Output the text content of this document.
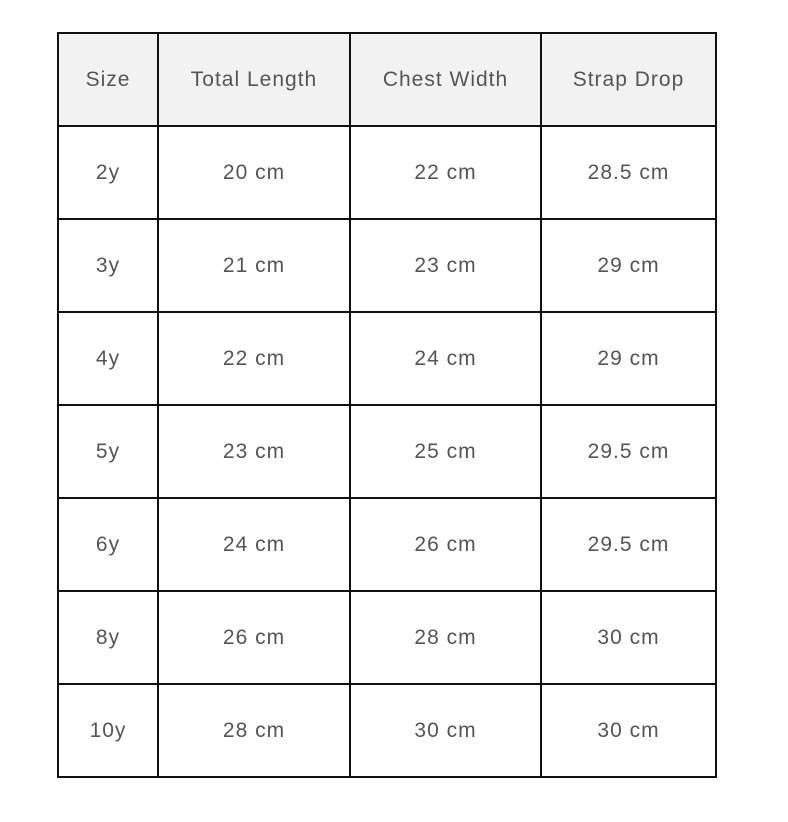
Size	Total Length	Chest Width	Strap Drop
2y	20 cm	22 cm	28.5 cm
3y	21 cm	23 cm	29 cm
4y	22 cm	24 cm	29 cm
5y	23 cm	25 cm	29.5 cm
6y	24 cm	26 cm	29.5 cm
8y	26 cm	28 cm	30 cm
10y	28 cm	30 cm	30 cm
